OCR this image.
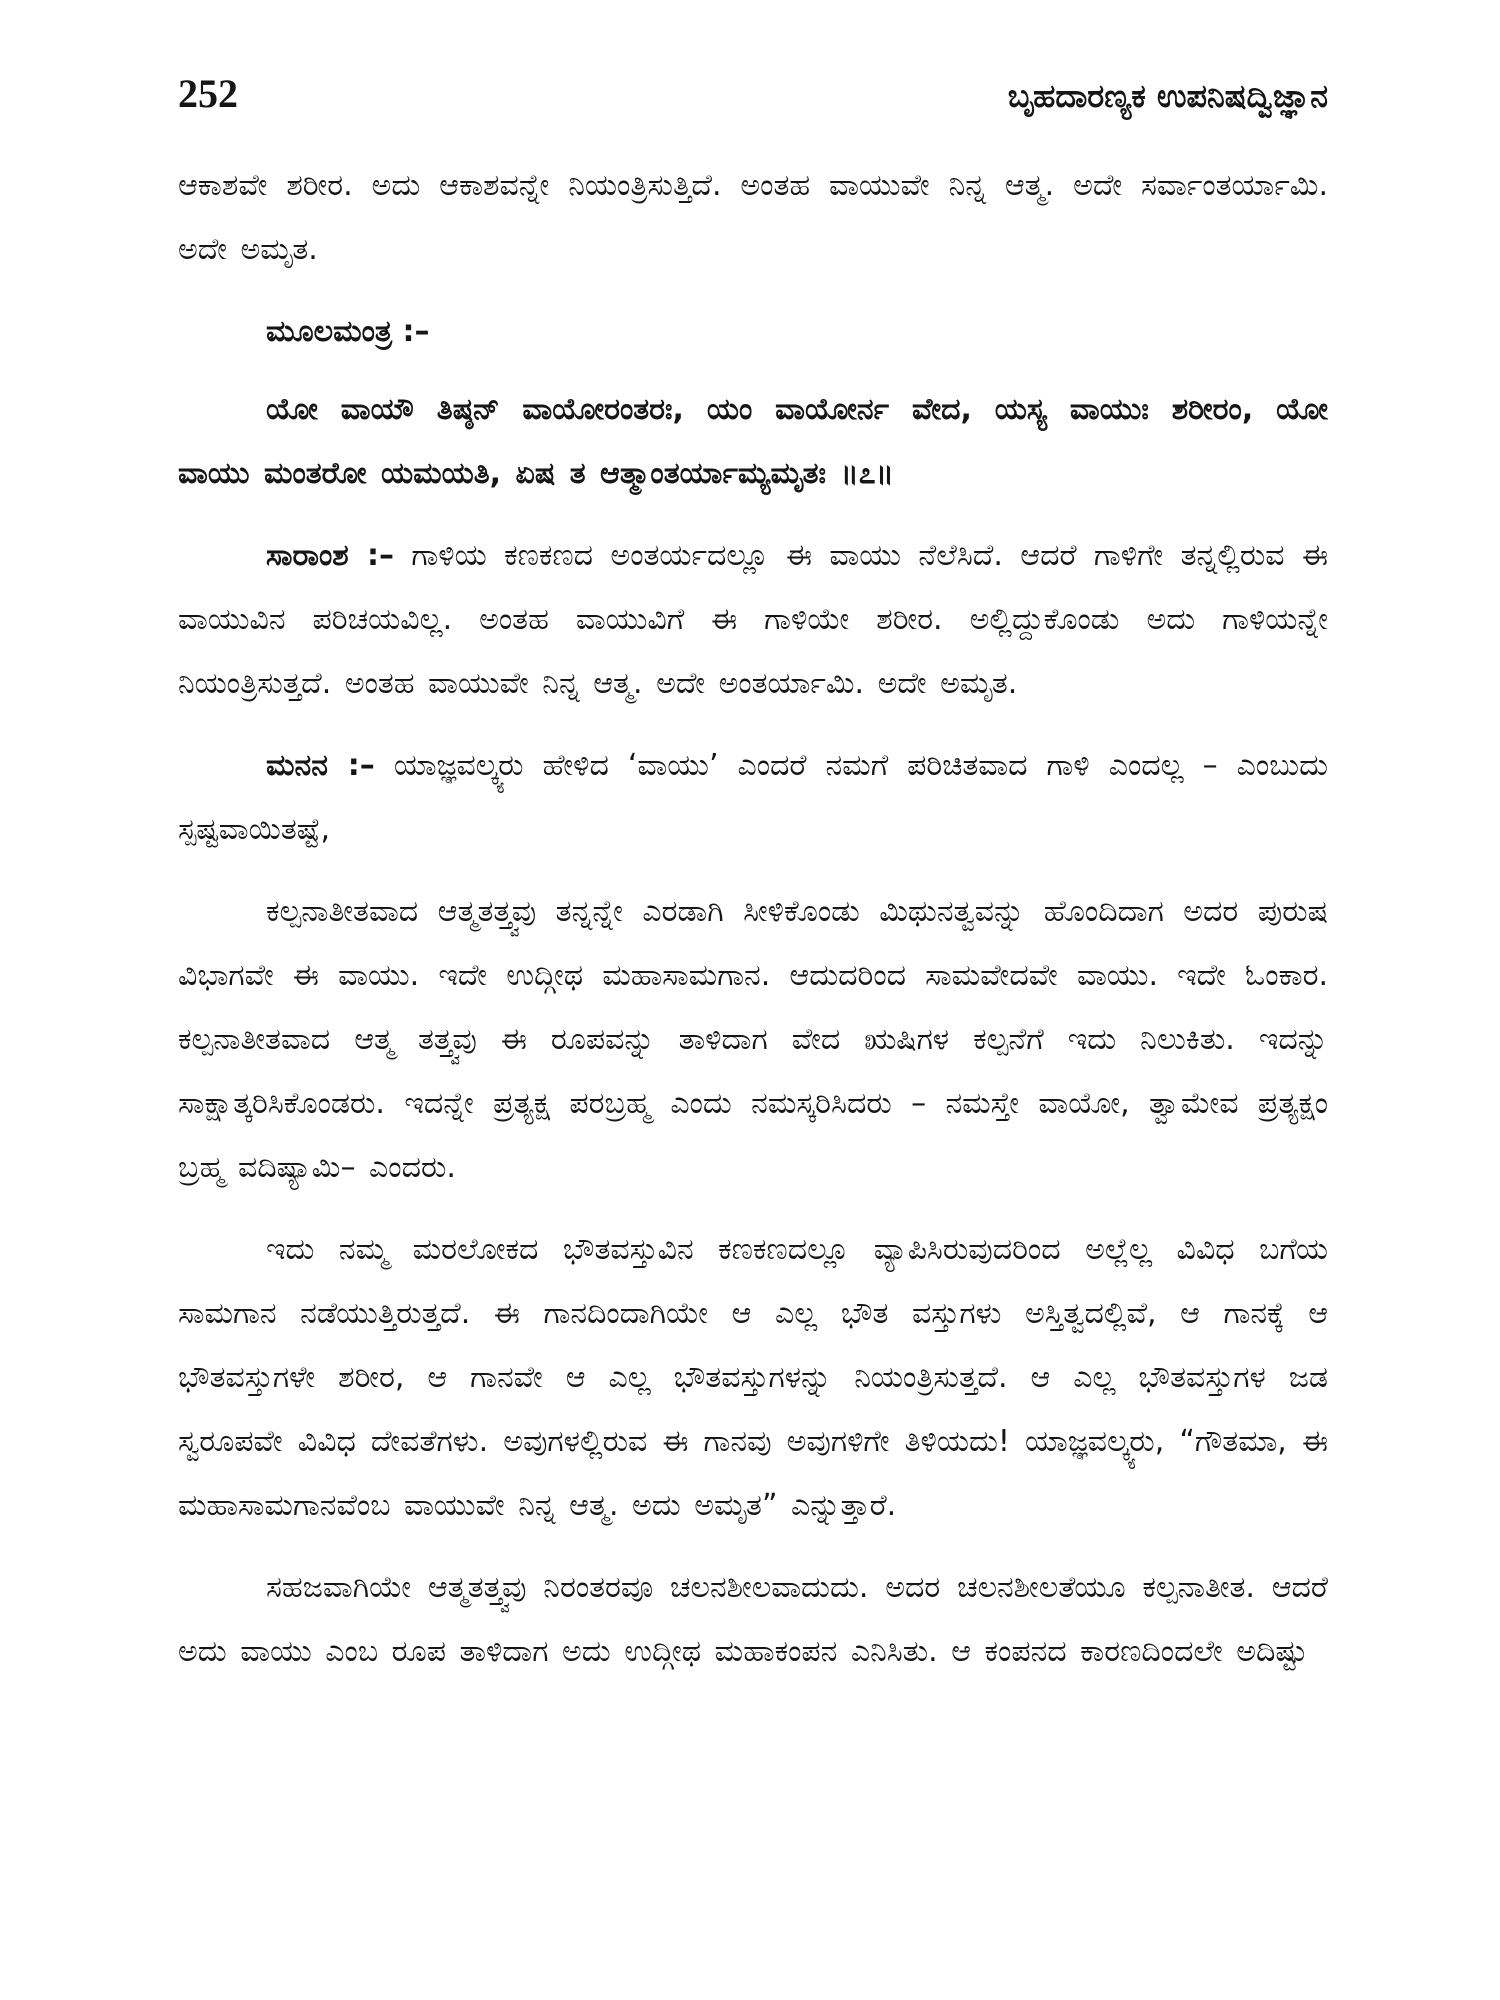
252	ಬೃಹದಾರಣ್ಯಕ ಉಪನಿಷದ್ವಿಜ್ಞಾನ

ಆಕಾಶವೇ ಶರೀರ. ಅದು ಆಕಾಶವನ್ನೇ ನಿಯಂತ್ರಿಸುತ್ತಿದೆ. ಅಂತಹ ವಾಯುವೇ ನಿನ್ನ ಆತ್ಮ. ಅದೇ ಸರ್ವಾಂತರ್ಯಾಮಿ. ಅದೇ ಅಮೃತ.

ಮೂಲಮಂತ್ರ :–

ಯೋ ವಾಯೌ ತಿಷ್ಠನ್ ವಾಯೋರಂತರಃ, ಯಂ ವಾಯೋರ್ನ ವೇದ, ಯಸ್ಯ ವಾಯುಃ ಶರೀರಂ, ಯೋ ವಾಯು ಮಂತರೋ ಯಮಯತಿ, ಏಷ ತ ಆತ್ಮಾಂತರ್ಯಾಮ್ಯಮೃತಃ ॥೭॥

ಸಾರಾಂಶ :– ಗಾಳಿಯ ಕಣಕಣದ ಅಂತರ್ಯದಲ್ಲೂ ಈ ವಾಯು ನೆಲೆಸಿದೆ. ಆದರೆ ಗಾಳಿಗೇ ತನ್ನಲ್ಲಿರುವ ಈ ವಾಯುವಿನ ಪರಿಚಯವಿಲ್ಲ. ಅಂತಹ ವಾಯುವಿಗೆ ಈ ಗಾಳಿಯೇ ಶರೀರ. ಅಲ್ಲಿದ್ದುಕೊಂಡು ಅದು ಗಾಳಿಯನ್ನೇ ನಿಯಂತ್ರಿಸುತ್ತದೆ. ಅಂತಹ ವಾಯುವೇ ನಿನ್ನ ಆತ್ಮ. ಅದೇ ಅಂತರ್ಯಾಮಿ. ಅದೇ ಅಮೃತ.

ಮನನ :– ಯಾಜ್ಞವಲ್ಕ್ಯರು ಹೇಳಿದ ‘ವಾಯು’ ಎಂದರೆ ನಮಗೆ ಪರಿಚಿತವಾದ ಗಾಳಿ ಎಂದಲ್ಲ – ಎಂಬುದು ಸ್ಪಷ್ಟವಾಯಿತಷ್ಟೆ,

ಕಲ್ಪನಾತೀತವಾದ ಆತ್ಮತತ್ತ್ವವು ತನ್ನನ್ನೇ ಎರಡಾಗಿ ಸೀಳಿಕೊಂಡು ಮಿಥುನತ್ವವನ್ನು ಹೊಂದಿದಾಗ ಅದರ ಪುರುಷ ವಿಭಾಗವೇ ಈ ವಾಯು. ಇದೇ ಉದ್ಗೀಥ ಮಹಾಸಾಮಗಾನ. ಆದುದರಿಂದ ಸಾಮವೇದವೇ ವಾಯು. ಇದೇ ಓಂಕಾರ. ಕಲ್ಪನಾತೀತವಾದ ಆತ್ಮ ತತ್ತ್ವವು ಈ ರೂಪವನ್ನು ತಾಳಿದಾಗ ವೇದ ಋಷಿಗಳ ಕಲ್ಪನೆಗೆ ಇದು ನಿಲುಕಿತು. ಇದನ್ನು ಸಾಕ್ಷಾತ್ಕರಿಸಿಕೊಂಡರು. ಇದನ್ನೇ ಪ್ರತ್ಯಕ್ಷ ಪರಬ್ರಹ್ಮ ಎಂದು ನಮಸ್ಕರಿಸಿದರು – ನಮಸ್ತೇ ವಾಯೋ, ತ್ವಾಮೇವ ಪ್ರತ್ಯಕ್ಷಂ ಬ್ರಹ್ಮ ವದಿಷ್ಯಾಮಿ– ಎಂದರು.

ಇದು ನಮ್ಮ ಮರಲೋಕದ ಭೌತವಸ್ತುವಿನ ಕಣಕಣದಲ್ಲೂ ವ್ಯಾಪಿಸಿರುವುದರಿಂದ ಅಲ್ಲೆಲ್ಲ ವಿವಿಧ ಬಗೆಯ ಸಾಮಗಾನ ನಡೆಯುತ್ತಿರುತ್ತದೆ. ಈ ಗಾನದಿಂದಾಗಿಯೇ ಆ ಎಲ್ಲ ಭೌತ ವಸ್ತುಗಳು ಅಸ್ತಿತ್ವದಲ್ಲಿವೆ, ಆ ಗಾನಕ್ಕೆ ಆ ಭೌತವಸ್ತುಗಳೇ ಶರೀರ, ಆ ಗಾನವೇ ಆ ಎಲ್ಲ ಭೌತವಸ್ತುಗಳನ್ನು ನಿಯಂತ್ರಿಸುತ್ತದೆ. ಆ ಎಲ್ಲ ಭೌತವಸ್ತುಗಳ ಜಡ ಸ್ವರೂಪವೇ ವಿವಿಧ ದೇವತೆಗಳು. ಅವುಗಳಲ್ಲಿರುವ ಈ ಗಾನವು ಅವುಗಳಿಗೇ ತಿಳಿಯದು! ಯಾಜ್ಞವಲ್ಕ್ಯರು, “ಗೌತಮಾ, ಈ ಮಹಾಸಾಮಗಾನವೆಂಬ ವಾಯುವೇ ನಿನ್ನ ಆತ್ಮ. ಅದು ಅಮೃತ” ಎನ್ನುತ್ತಾರೆ.

ಸಹಜವಾಗಿಯೇ ಆತ್ಮತತ್ತ್ವವು ನಿರಂತರವೂ ಚಲನಶೀಲವಾದುದು. ಅದರ ಚಲನಶೀಲತೆಯೂ ಕಲ್ಪನಾತೀತ. ಆದರೆ ಅದು ವಾಯು ಎಂಬ ರೂಪ ತಾಳಿದಾಗ ಅದು ಉದ್ಗೀಥ ಮಹಾಕಂಪನ ಎನಿಸಿತು. ಆ ಕಂಪನದ ಕಾರಣದಿಂದಲೇ ಅದಿಷ್ಟು
